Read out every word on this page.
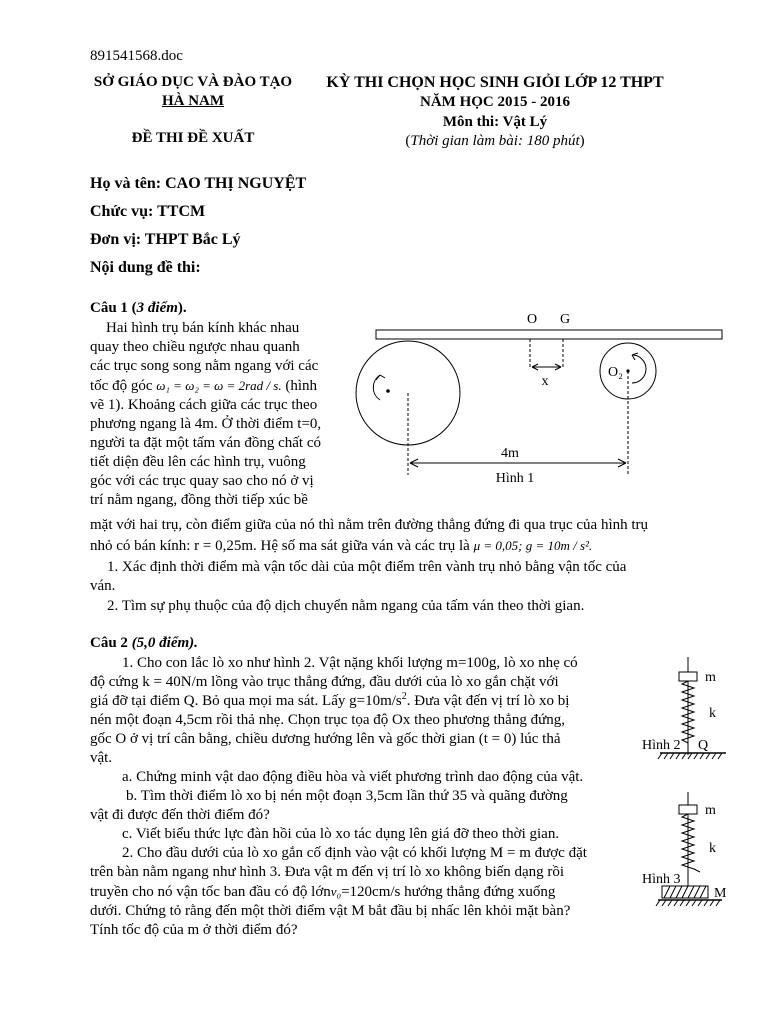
891541568.doc
SỞ GIÁO DỤC VÀ ĐÀO TẠO
HÀ NAM
ĐỀ THI ĐỀ XUẤT
KỲ THI CHỌN HỌC SINH GIỎI LỚP 12 THPT
NĂM HỌC 2015 - 2016
Môn thi: Vật Lý
(Thời gian làm bài: 180 phút)
Họ và tên: CAO THỊ NGUYỆT
Chức vụ: TTCM
Đơn vị: THPT Bắc Lý
Nội dung đề thi:
Câu 1 (3 điểm).
Hai hình trụ bán kính khác nhau
quay theo chiều ngược nhau quanh
các trục song song nằm ngang với các
tốc độ góc ω₁ = ω₂ = ω = 2rad / s. (hình
vẽ 1). Khoảng cách giữa các trục theo
phương ngang là 4m. Ở thời điểm t=0,
người ta đặt một tấm ván đồng chất có
tiết diện đều lên các hình trụ, vuông
góc với các trục quay sao cho nó ở vị
trí nằm ngang, đồng thời tiếp xúc bề
O G
x
O₂
4m
Hình 1
mặt với hai trụ, còn điểm giữa của nó thì nằm trên đường thẳng đứng đi qua trục của hình trụ
nhỏ có bán kính: r = 0,25m. Hệ số ma sát giữa ván và các trụ là μ = 0,05; g = 10m / s².
1. Xác định thời điểm mà vận tốc dài của một điểm trên vành trụ nhỏ bằng vận tốc của
ván.
2. Tìm sự phụ thuộc của độ dịch chuyển nằm ngang của tấm ván theo thời gian.
Câu 2 (5,0 điểm).
1. Cho con lắc lò xo như hình 2. Vật nặng khối lượng m=100g, lò xo nhẹ có
độ cứng k = 40N/m lồng vào trục thẳng đứng, đầu dưới của lò xo gắn chặt với
giá đỡ tại điểm Q. Bỏ qua mọi ma sát. Lấy $g=10m/s^2$. Đưa vật đến vị trí lò xo bị
nén một đoạn 4,5cm rồi thả nhẹ. Chọn trục tọa độ Ox theo phương thẳng đứng,
gốc O ở vị trí cân bằng, chiều dương hướng lên và gốc thời gian (t = 0) lúc thả
vật.
a. Chứng minh vật dao động điều hòa và viết phương trình dao động của vật.
b. Tìm thời điểm lò xo bị nén một đoạn 3,5cm lần thứ 35 và quãng đường
vật đi được đến thời điểm đó?
c. Viết biểu thức lực đàn hồi của lò xo tác dụng lên giá đỡ theo thời gian.
2. Cho đầu dưới của lò xo gắn cố định vào vật có khối lượng M = m được đặt
trên bàn nằm ngang như hình 3. Đưa vật m đến vị trí lò xo không biến dạng rồi
truyền cho nó vận tốc ban đầu có độ lớnv₀=120cm/s hướng thẳng đứng xuống
dưới. Chứng tỏ rằng đến một thời điểm vật M bắt đầu bị nhấc lên khỏi mặt bàn?
Tính tốc độ của m ở thời điểm đó?
m
k
Hình 2 Q
m
k
Hình 3
M
